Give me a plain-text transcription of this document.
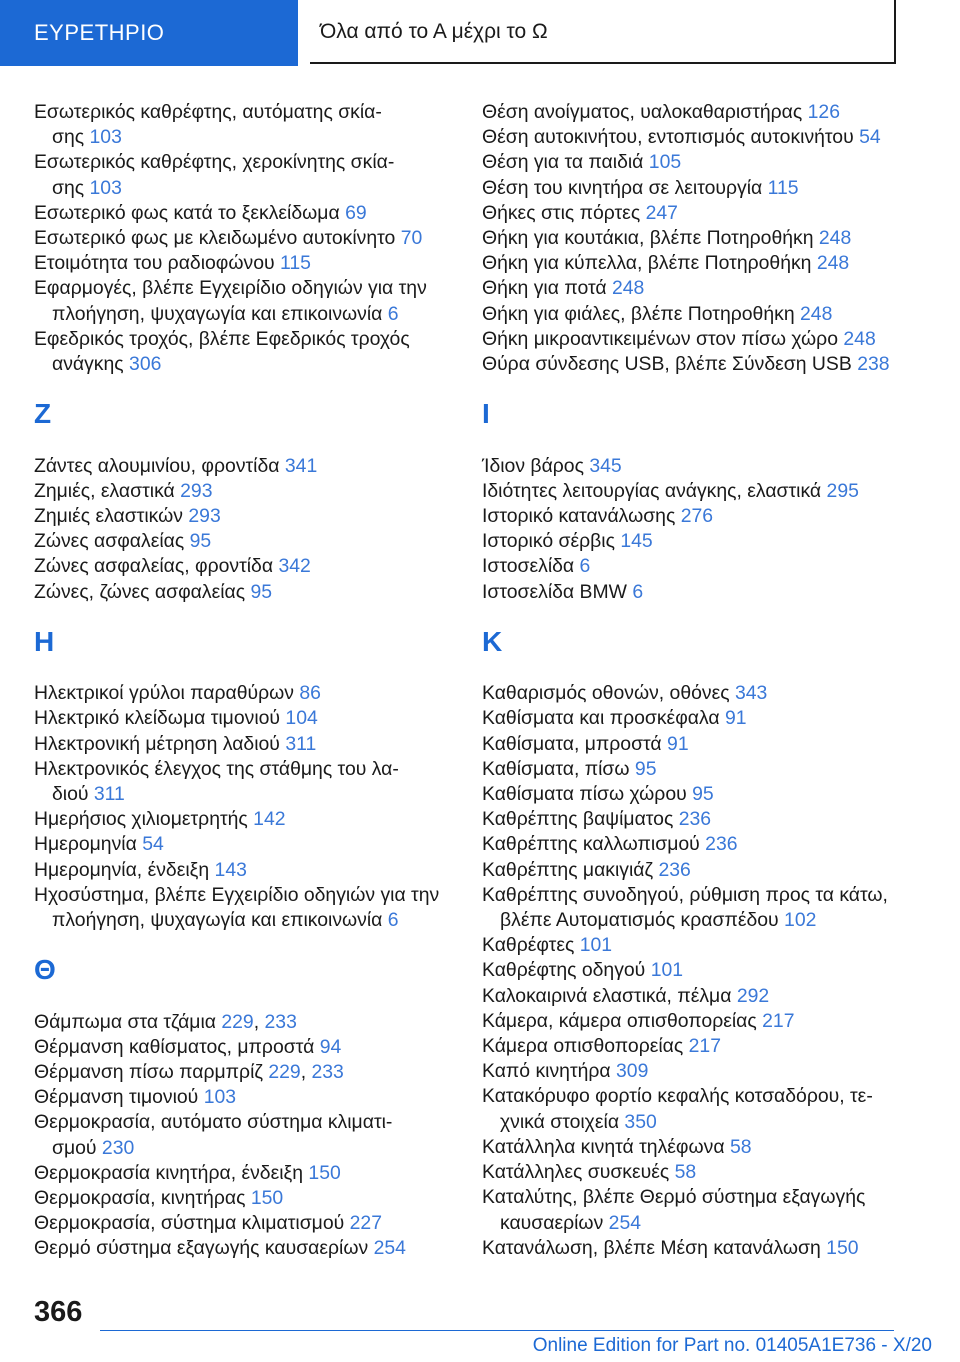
ΕΥΡΕΤΗΡΙΟ	Όλα από το Α μέχρι το Ω
Εσωτερικός καθρέφτης, αυτόματης σκία-
σης 103
Εσωτερικός καθρέφτης, χεροκίνητης σκία-
σης 103
Εσωτερικό φως κατά το ξεκλείδωμα 69
Εσωτερικό φως με κλειδωμένο αυτοκίνητο 70
Ετοιμότητα του ραδιοφώνου 115
Εφαρμογές, βλέπε Εγχειρίδιο οδηγιών για την
πλοήγηση, ψυχαγωγία και επικοινωνία 6
Εφεδρικός τροχός, βλέπε Εφεδρικός τροχός
ανάγκης 306
Z
Ζάντες αλουμινίου, φροντίδα 341
Ζημιές, ελαστικά 293
Ζημιές ελαστικών 293
Ζώνες ασφαλείας 95
Ζώνες ασφαλείας, φροντίδα 342
Ζώνες, ζώνες ασφαλείας 95
H
Ηλεκτρικοί γρύλοι παραθύρων 86
Ηλεκτρικό κλείδωμα τιμονιού 104
Ηλεκτρονική μέτρηση λαδιού 311
Ηλεκτρονικός έλεγχος της στάθμης του λα-
διού 311
Ημερήσιος χιλιομετρητής 142
Ημερομηνία 54
Ημερομηνία, ένδειξη 143
Ηχοσύστημα, βλέπε Εγχειρίδιο οδηγιών για την
πλοήγηση, ψυχαγωγία και επικοινωνία 6
Θ
Θάμπωμα στα τζάμια 229, 233
Θέρμανση καθίσματος, μπροστά 94
Θέρμανση πίσω παρμπρίζ 229, 233
Θέρμανση τιμονιού 103
Θερμοκρασία, αυτόματο σύστημα κλιματι-
σμού 230
Θερμοκρασία κινητήρα, ένδειξη 150
Θερμοκρασία, κινητήρας 150
Θερμοκρασία, σύστημα κλιματισμού 227
Θερμό σύστημα εξαγωγής καυσαερίων 254
Θέση ανοίγματος, υαλοκαθαριστήρας 126
Θέση αυτοκινήτου, εντοπισμός αυτοκινήτου 54
Θέση για τα παιδιά 105
Θέση του κινητήρα σε λειτουργία 115
Θήκες στις πόρτες 247
Θήκη για κουτάκια, βλέπε Ποτηροθήκη 248
Θήκη για κύπελλα, βλέπε Ποτηροθήκη 248
Θήκη για ποτά 248
Θήκη για φιάλες, βλέπε Ποτηροθήκη 248
Θήκη μικροαντικειμένων στον πίσω χώρο 248
Θύρα σύνδεσης USB, βλέπε Σύνδεση USB 238
I
Ίδιον βάρος 345
Ιδιότητες λειτουργίας ανάγκης, ελαστικά 295
Ιστορικό κατανάλωσης 276
Ιστορικό σέρβις 145
Ιστοσελίδα 6
Ιστοσελίδα BMW 6
K
Καθαρισμός οθονών, οθόνες 343
Καθίσματα και προσκέφαλα 91
Καθίσματα, μπροστά 91
Καθίσματα, πίσω 95
Καθίσματα πίσω χώρου 95
Καθρέπτης βαψίματος 236
Καθρέπτης καλλωπισμού 236
Καθρέπτης μακιγιάζ 236
Καθρέπτης συνοδηγού, ρύθμιση προς τα κάτω,
βλέπε Αυτοματισμός κρασπέδου 102
Καθρέφτες 101
Καθρέφτης οδηγού 101
Καλοκαιρινά ελαστικά, πέλμα 292
Κάμερα, κάμερα οπισθοπορείας 217
Κάμερα οπισθοπορείας 217
Καπό κινητήρα 309
Κατακόρυφο φορτίο κεφαλής κοτσαδόρου, τε-
χνικά στοιχεία 350
Κατάλληλα κινητά τηλέφωνα 58
Κατάλληλες συσκευές 58
Καταλύτης, βλέπε Θερμό σύστημα εξαγωγής
καυσαερίων 254
Κατανάλωση, βλέπε Μέση κατανάλωση 150
366
Online Edition for Part no. 01405A1E736 - X/20
